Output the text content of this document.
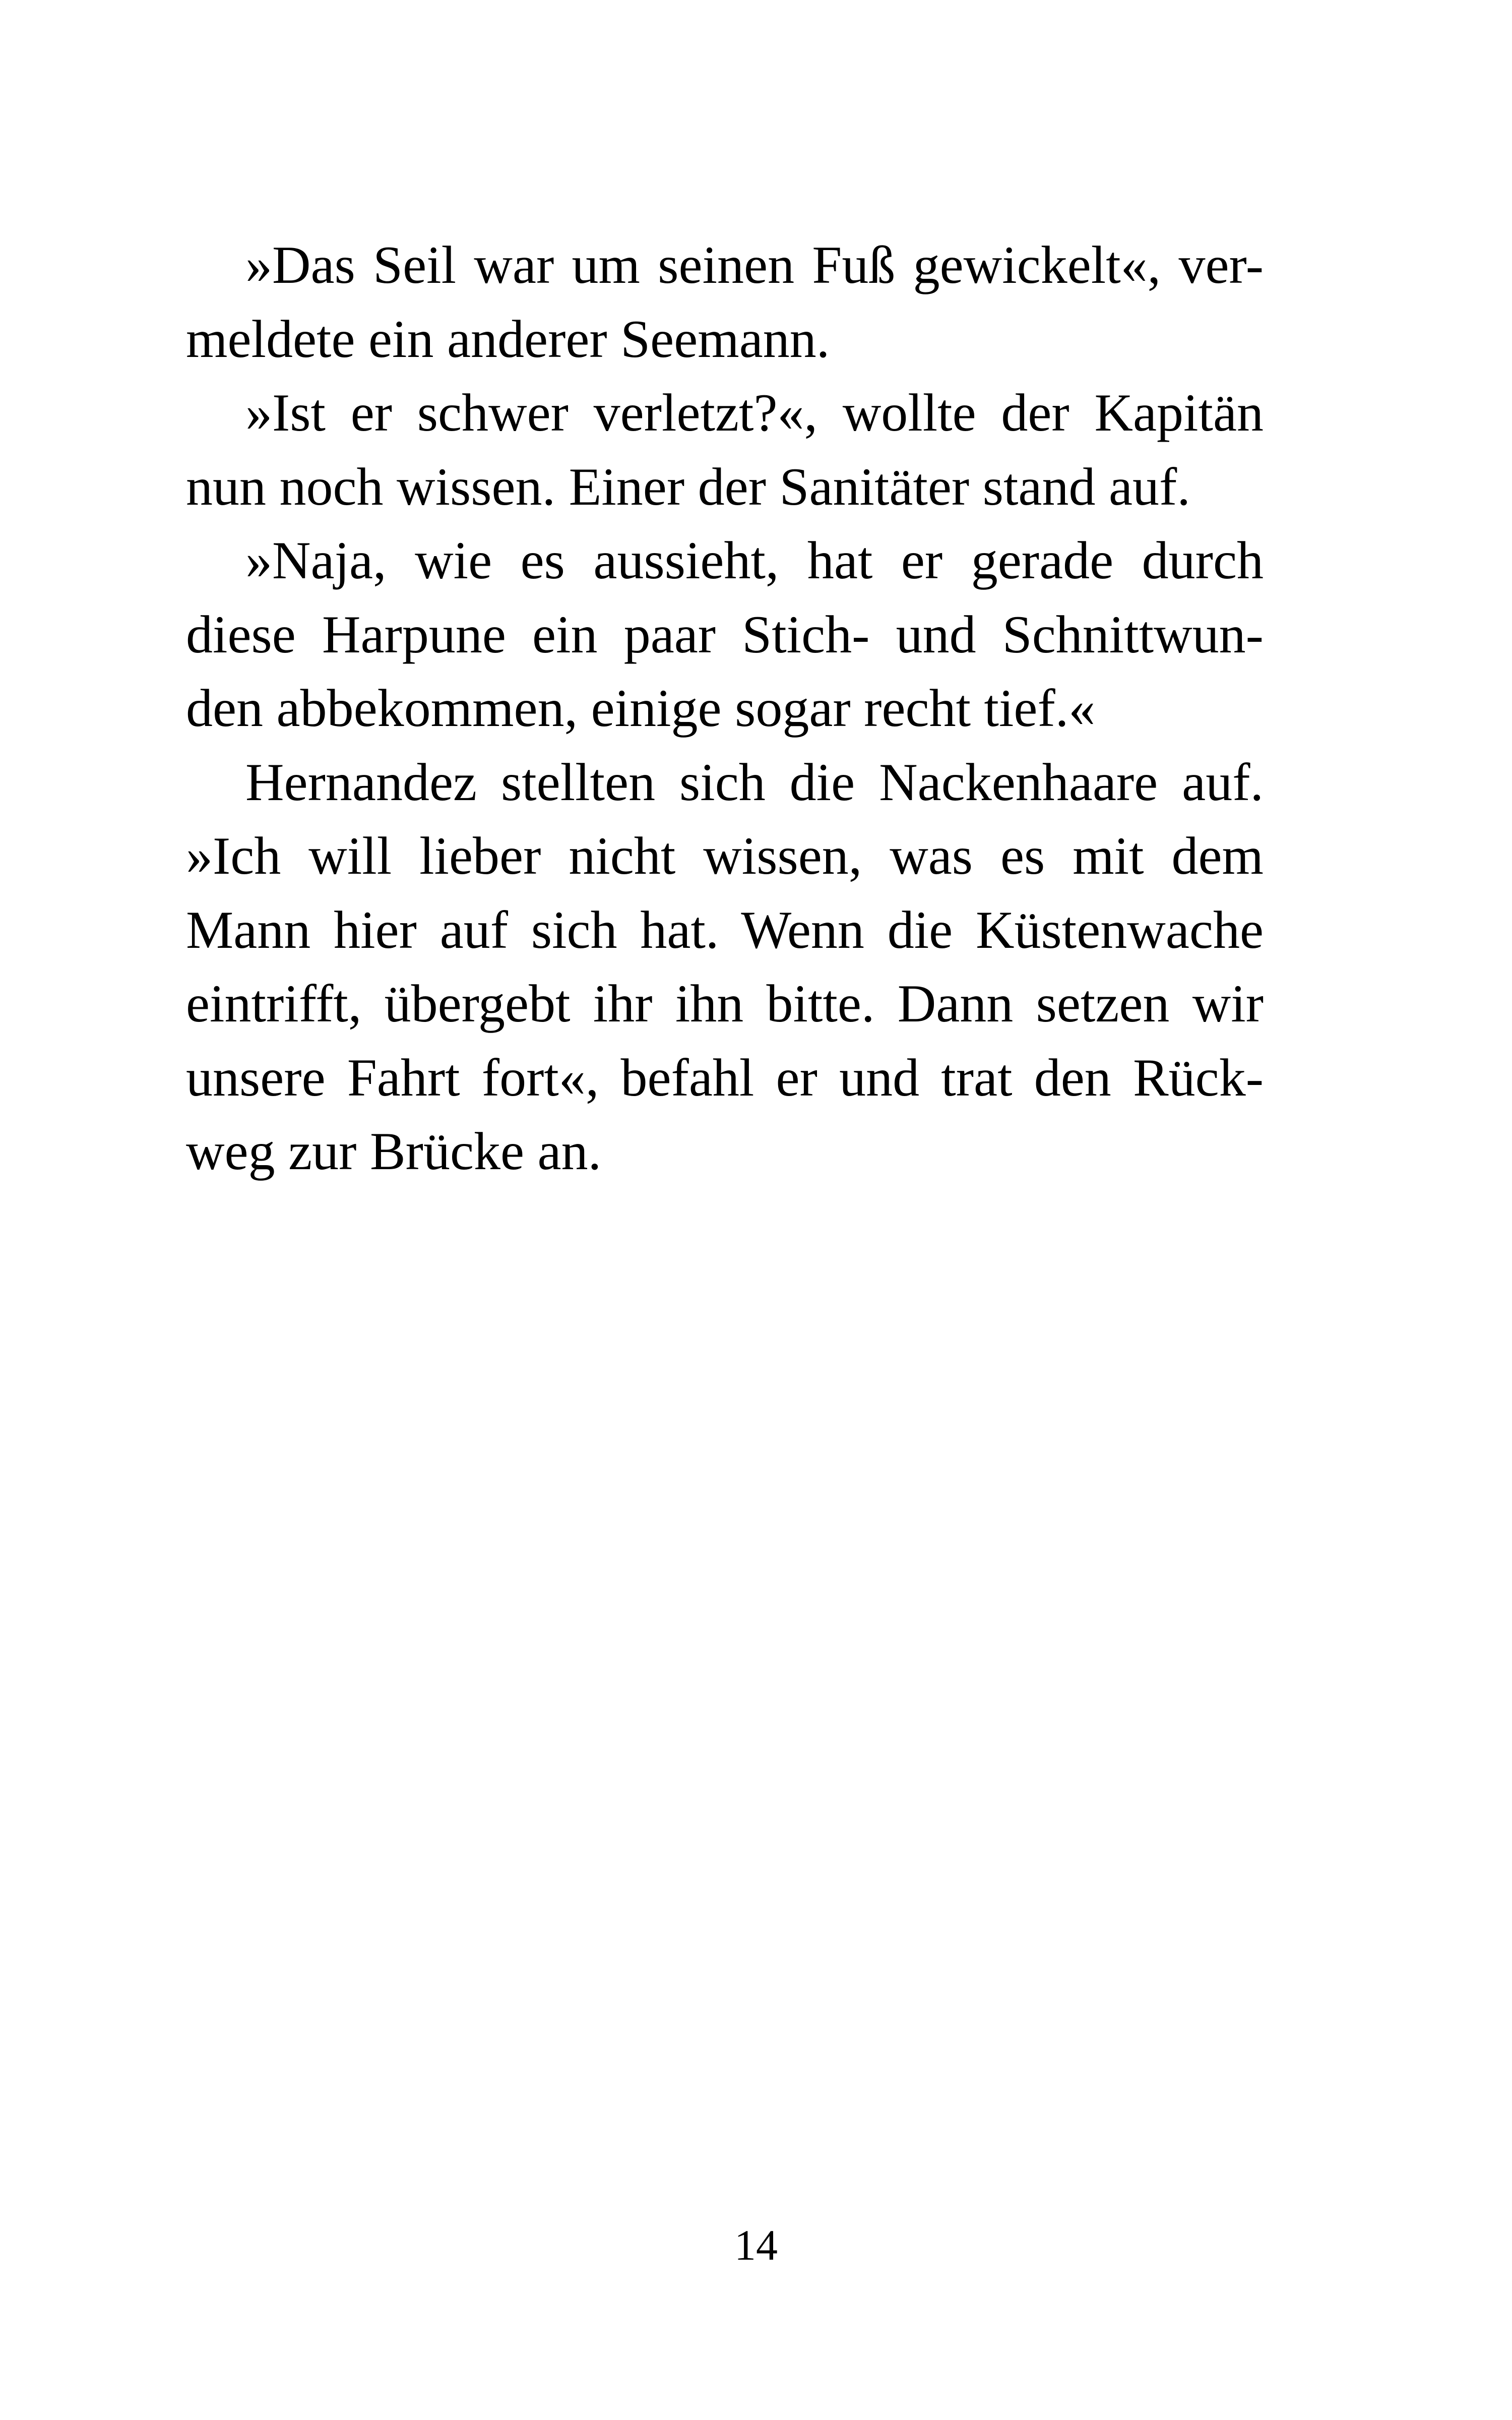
»Das Seil war um seinen Fuß gewickelt«, ver-
meldete ein anderer Seemann.
»Ist er schwer verletzt?«, wollte der Kapitän
nun noch wissen. Einer der Sanitäter stand auf.
»Naja, wie es aussieht, hat er gerade durch
diese Harpune ein paar Stich- und Schnittwun-
den abbekommen, einige sogar recht tief.«
Hernandez stellten sich die Nackenhaare auf.
»Ich will lieber nicht wissen, was es mit dem
Mann hier auf sich hat. Wenn die Küstenwache
eintrifft, übergebt ihr ihn bitte. Dann setzen wir
unsere Fahrt fort«, befahl er und trat den Rück-
weg zur Brücke an.
14
